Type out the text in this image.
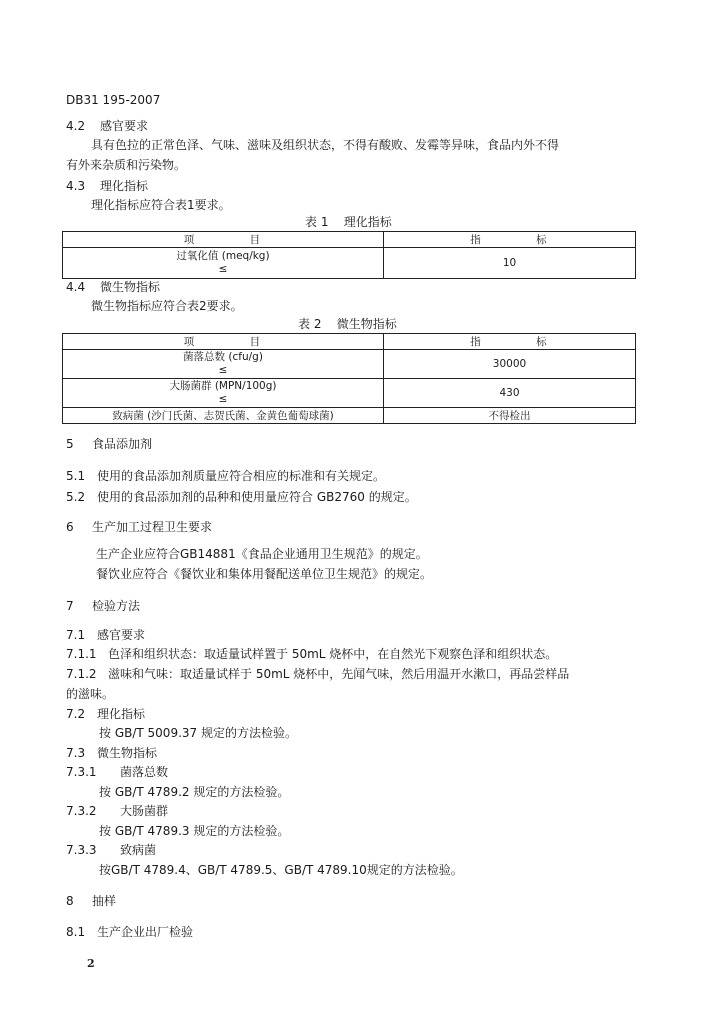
DB31 195-2007
4.2 感官要求
具有色拉的正常色泽、气味、滋味及组织状态，不得有酸败、发霉等异味，食品内外不得
有外来杂质和污染物。
4.3 理化指标
理化指标应符合表1要求。
表 1    理化指标
项          目	指          标

过氧化值 (meq/kg)
≤	10
4.4 微生物指标
微生物指标应符合表2要求。
表 2    微生物指标
项          目	指          标

菌落总数 (cfu/g)
≤	30000

大肠菌群 (MPN/100g)
≤	430
致病菌 (沙门氏菌、志贺氏菌、金黄色葡萄球菌)	不得检出
5 食品添加剂
5.1 使用的食品添加剂质量应符合相应的标准和有关规定。
5.2 使用的食品添加剂的品种和使用量应符合 GB2760 的规定。
6 生产加工过程卫生要求
生产企业应符合GB14881《食品企业通用卫生规范》的规定。
餐饮业应符合《餐饮业和集体用餐配送单位卫生规范》的规定。
7 检验方法
7.1 感官要求
7.1.1 色泽和组织状态：取适量试样置于 50mL 烧杯中，在自然光下观察色泽和组织状态。
7.1.2 滋味和气味：取适量试样于 50mL 烧杯中，先闻气味，然后用温开水漱口，再品尝样品
的滋味。
7.2 理化指标
按 GB/T 5009.37 规定的方法检验。
7.3 微生物指标
7.3.1 菌落总数
按 GB/T 4789.2 规定的方法检验。
7.3.2 大肠菌群
按 GB/T 4789.3 规定的方法检验。
7.3.3 致病菌
按GB/T 4789.4、GB/T 4789.5、GB/T 4789.10规定的方法检验。
8 抽样
8.1 生产企业出厂检验
2
